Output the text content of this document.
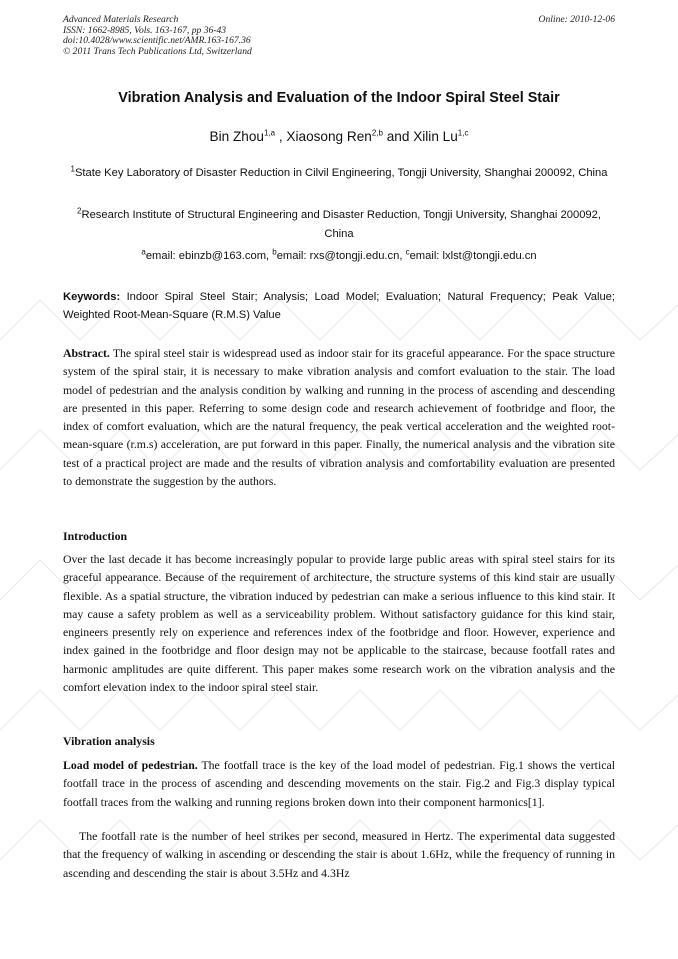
Advanced Materials Research
ISSN: 1662-8985, Vols. 163-167, pp 36-43
doi:10.4028/www.scientific.net/AMR.163-167.36
© 2011 Trans Tech Publications Ltd, Switzerland
Online: 2010-12-06
Vibration Analysis and Evaluation of the Indoor Spiral Steel Stair
Bin Zhou$^{1,a}$ , Xiaosong Ren$^{2,b}$ and Xilin Lu$^{1,c}$
$^1$State Key Laboratory of Disaster Reduction in Cilvil Engineering, Tongji University, Shanghai 200092, China
$^2$Research Institute of Structural Engineering and Disaster Reduction, Tongji University, Shanghai 200092, China
$^a$email: ebinzb@163.com, $^b$email: rxs@tongji.edu.cn, $^c$email: lxlst@tongji.edu.cn
Keywords: Indoor Spiral Steel Stair; Analysis; Load Model; Evaluation; Natural Frequency; Peak Value; Weighted Root-Mean-Square (R.M.S) Value

Abstract. The spiral steel stair is widespread used as indoor stair for its graceful appearance. For the space structure system of the spiral stair, it is necessary to make vibration analysis and comfort evaluation to the stair. The load model of pedestrian and the analysis condition by walking and running in the process of ascending and descending are presented in this paper. Referring to some design code and research achievement of footbridge and floor, the index of comfort evaluation, which are the natural frequency, the peak vertical acceleration and the weighted root-mean-square (r.m.s) acceleration, are put forward in this paper. Finally, the numerical analysis and the vibration site test of a practical project are made and the results of vibration analysis and comfortability evaluation are presented to demonstrate the suggestion by the authors.

Introduction

Over the last decade it has become increasingly popular to provide large public areas with spiral steel stairs for its graceful appearance. Because of the requirement of architecture, the structure systems of this kind stair are usually flexible. As a spatial structure, the vibration induced by pedestrian can make a serious influence to this kind stair. It may cause a safety problem as well as a serviceability problem. Without satisfactory guidance for this kind stair, engineers presently rely on experience and references index of the footbridge and floor. However, experience and index gained in the footbridge and floor design may not be applicable to the staircase, because footfall rates and harmonic amplitudes are quite different. This paper makes some research work on the vibration analysis and the comfort elevation index to the indoor spiral steel stair.

Vibration analysis

Load model of pedestrian. The footfall trace is the key of the load model of pedestrian. Fig.1 shows the vertical footfall trace in the process of ascending and descending movements on the stair. Fig.2 and Fig.3 display typical footfall traces from the walking and running regions broken down into their component harmonics[1].

The footfall rate is the number of heel strikes per second, measured in Hertz. The experimental data suggested that the frequency of walking in ascending or descending the stair is about 1.6Hz, while the frequency of running in ascending and descending the stair is about 3.5Hz and 4.3Hz
